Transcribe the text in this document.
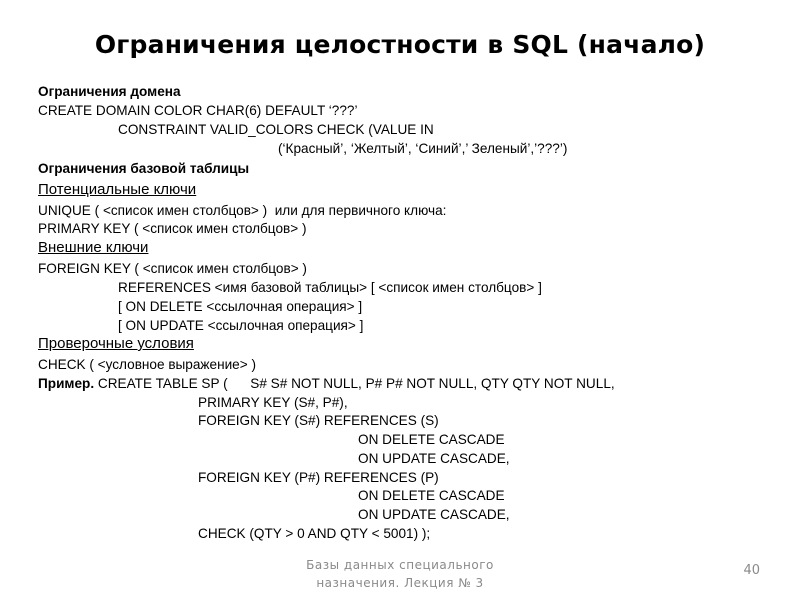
Ограничения целостности в SQL (начало)
Ограничения домена
CREATE DOMAIN COLOR CHAR(6) DEFAULT ‘???’
CONSTRAINT VALID_COLORS CHECK (VALUE IN
(‘Красный’, ‘Желтый’, ‘Синий’,’ Зеленый’,’???’)
Ограничения базовой таблицы
Потенциальные ключи
UNIQUE ( <список имен столбцов> )  или для первичного ключа:
PRIMARY KEY ( <список имен столбцов> )
Внешние ключи
FOREIGN KEY ( <список имен столбцов> )
REFERENCES <имя базовой таблицы> [ <список имен столбцов> ]
[ ON DELETE <ссылочная операция> ]
[ ON UPDATE <ссылочная операция> ]
Проверочные условия
CHECK ( <условное выражение> )
Пример. CREATE TABLE SP (      S# S# NOT NULL, P# P# NOT NULL, QTY QTY NOT NULL,
PRIMARY KEY (S#, P#),
FOREIGN KEY (S#) REFERENCES (S)
ON DELETE CASCADE
ON UPDATE CASCADE,
FOREIGN KEY (P#) REFERENCES (P)
ON DELETE CASCADE
ON UPDATE CASCADE,
CHECK (QTY > 0 AND QTY < 5001) );
Базы данных специального
назначения. Лекция № 3
40
